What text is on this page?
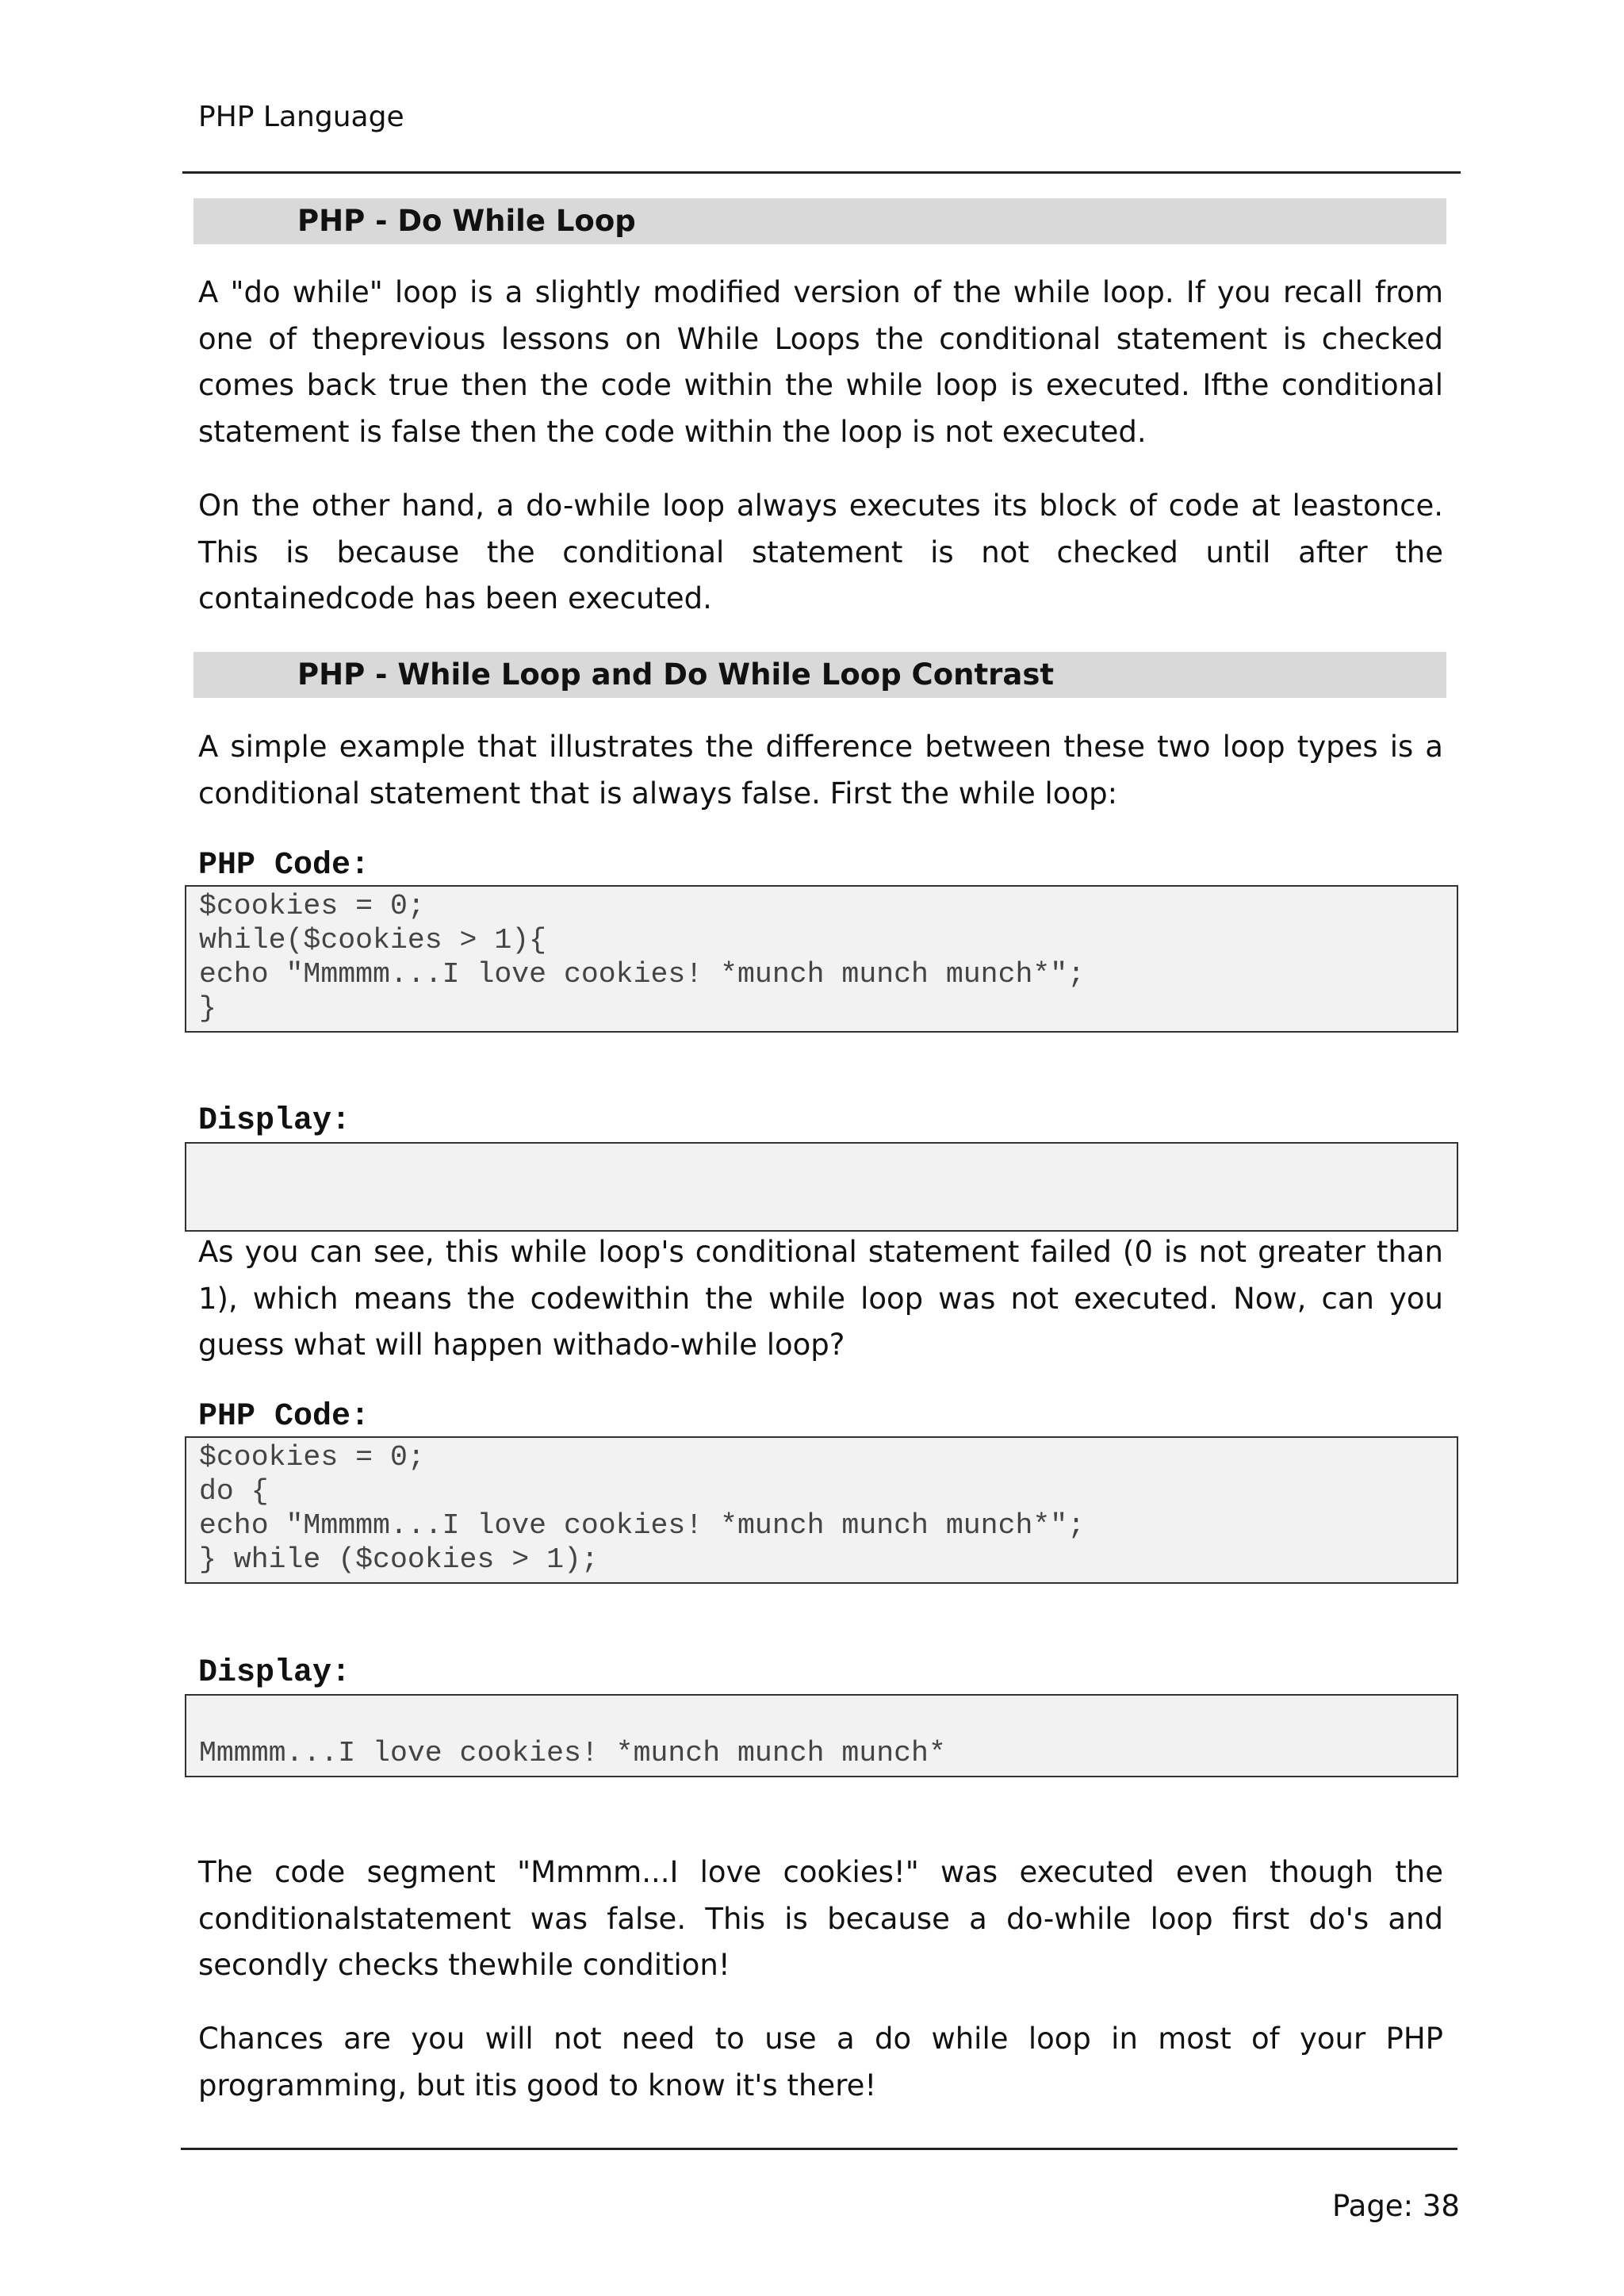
PHP Language
PHP - Do While Loop

A "do while" loop is a slightly modified version of the while loop. If you recall from one of theprevious lessons on While Loops the conditional statement is checked comes back true then the code within the while loop is executed. Ifthe conditional statement is false then the code within the loop is not executed.

On the other hand, a do-while loop always executes its block of code at leastonce. This is because the conditional statement is not checked until after the containedcode has been executed.

PHP - While Loop and Do While Loop Contrast

A simple example that illustrates the difference between these two loop types is a conditional statement that is always false. First the while loop:

PHP Code:
$cookies = 0;
while($cookies > 1){
echo "Mmmmm...I love cookies! *munch munch munch*";
}
Display:

As you can see, this while loop's conditional statement failed (0 is not greater than 1), which means the codewithin the while loop was not executed. Now, can you guess what will happen withado-while loop?

PHP Code:
$cookies = 0;
do {
echo "Mmmmm...I love cookies! *munch munch munch*";
} while ($cookies > 1);
Display:
Mmmmm...I love cookies! *munch munch munch*

The code segment "Mmmm...I love cookies!" was executed even though the conditionalstatement was false. This is because a do-while loop first do's and secondly checks thewhile condition!

Chances are you will not need to use a do while loop in most of your PHP programming, but itis good to know it's there!

Page: 38
